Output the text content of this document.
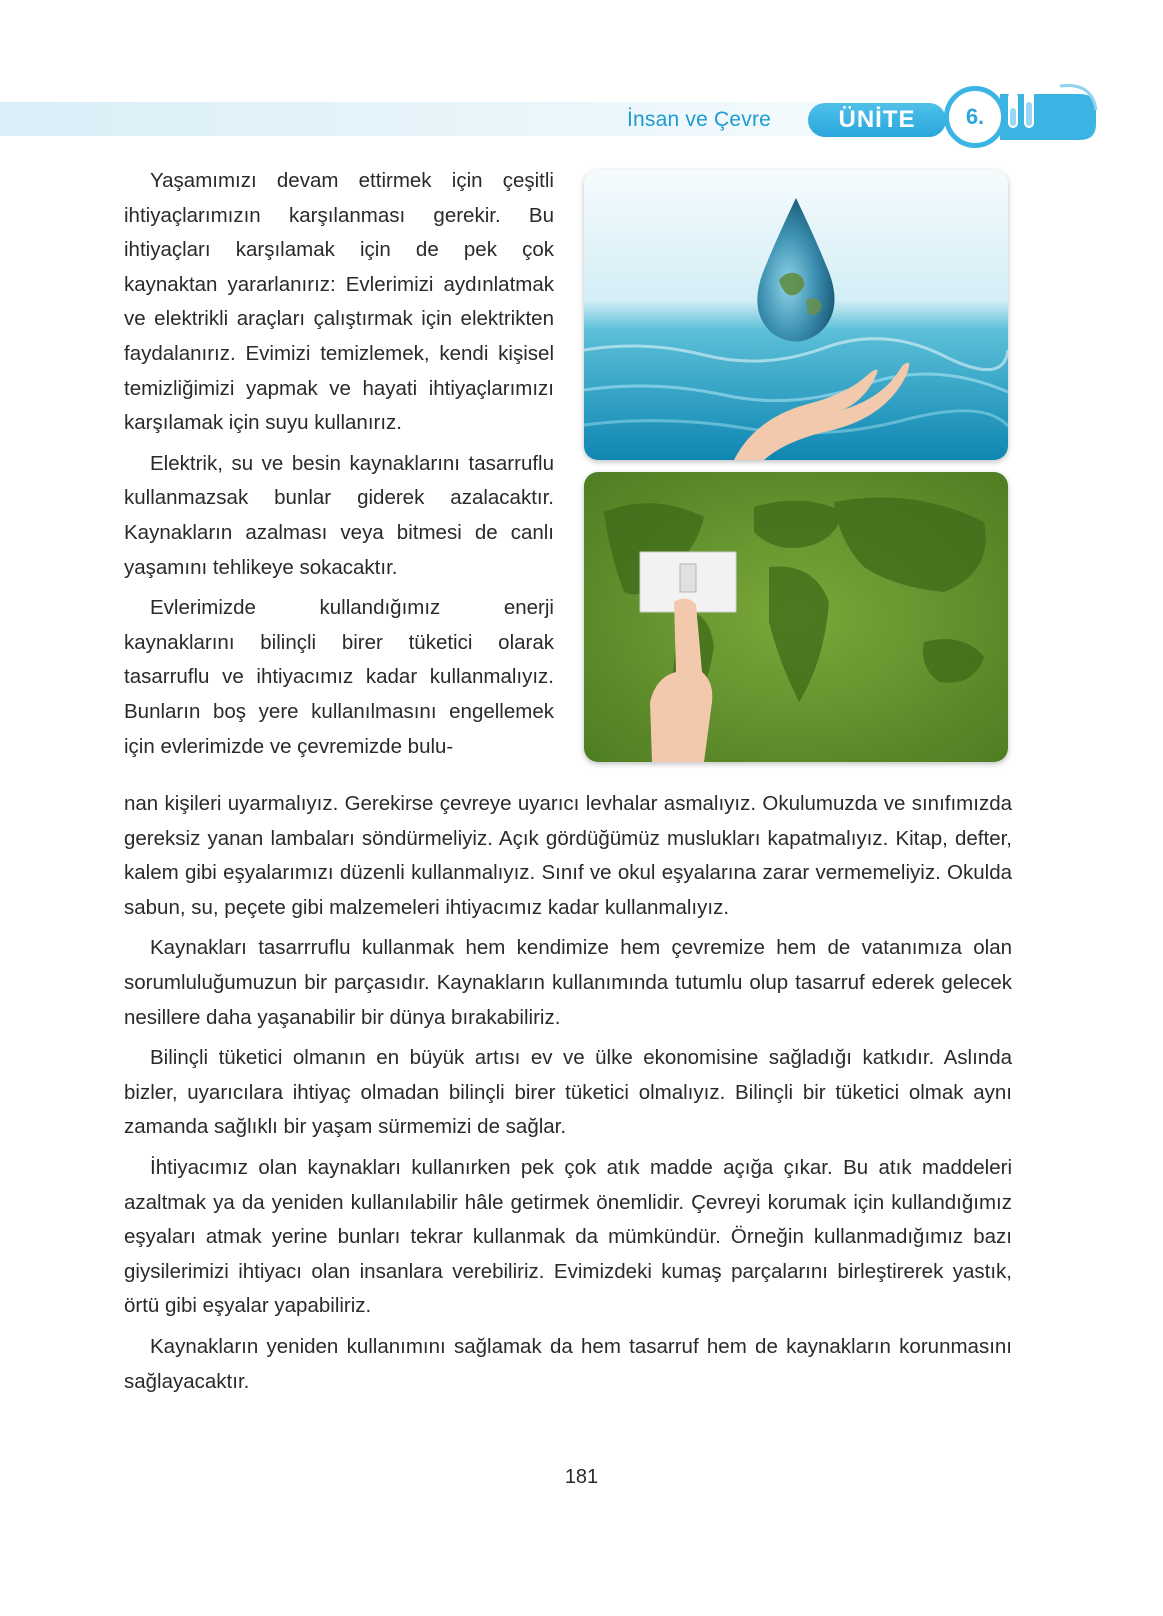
İnsan ve Çevre	ÜNİTE	6.

Yaşamımızı devam ettirmek için çeşitli ihtiyaçlarımızın karşılanması gerekir. Bu ihtiyaçları karşılamak için de pek çok kaynaktan yararlanırız: Evlerimizi aydınlatmak ve elektrikli araçları çalıştırmak için elektrikten faydalanırız. Evimizi temizlemek, kendi kişisel temizliğimizi yapmak ve hayati ihtiyaçlarımızı karşılamak için suyu kullanırız.

Elektrik, su ve besin kaynaklarını tasarruflu kullanmazsak bunlar giderek azalacaktır. Kaynakların azalması veya bitmesi de canlı yaşamını tehlikeye sokacaktır.

Evlerimizde kullandığımız enerji kaynaklarını bilinçli birer tüketici olarak tasarruflu ve ihtiyacımız kadar kullanmalıyız. Bunların boş yere kullanılmasını engellemek için evlerimizde ve çevremizde bulu-

nan kişileri uyarmalıyız. Gerekirse çevreye uyarıcı levhalar asmalıyız. Okulumuzda ve sınıfımızda gereksiz yanan lambaları söndürmeliyiz. Açık gördüğümüz muslukları kapatmalıyız. Kitap, defter, kalem gibi eşyalarımızı düzenli kullanmalıyız. Sınıf ve okul eşyalarına zarar vermemeliyiz. Okulda sabun, su, peçete gibi malzemeleri ihtiyacımız kadar kullanmalıyız.

Kaynakları tasarrruflu kullanmak hem kendimize hem çevremize hem de vatanımıza olan sorumluluğumuzun bir parçasıdır. Kaynakların kullanımında tutumlu olup tasarruf ederek gelecek nesillere daha yaşanabilir bir dünya bırakabiliriz.

Bilinçli tüketici olmanın en büyük artısı ev ve ülke ekonomisine sağladığı katkıdır. Aslında bizler, uyarıcılara ihtiyaç olmadan bilinçli birer tüketici olmalıyız. Bilinçli bir tüketici olmak aynı zamanda sağlıklı bir yaşam sürmemizi de sağlar.

İhtiyacımız olan kaynakları kullanırken pek çok atık madde açığa çıkar. Bu atık maddeleri azaltmak ya da yeniden kullanılabilir hâle getirmek önemlidir. Çevreyi korumak için kullandığımız eşyaları atmak yerine bunları tekrar kullanmak da mümkündür. Örneğin kullanmadığımız bazı giysilerimizi ihtiyacı olan insanlara verebiliriz. Evimizdeki kumaş parçalarını birleştirerek yastık, örtü gibi eşyalar yapabiliriz.

Kaynakların yeniden kullanımını sağlamak da hem tasarruf hem de kaynakların korunmasını sağlayacaktır.

181
